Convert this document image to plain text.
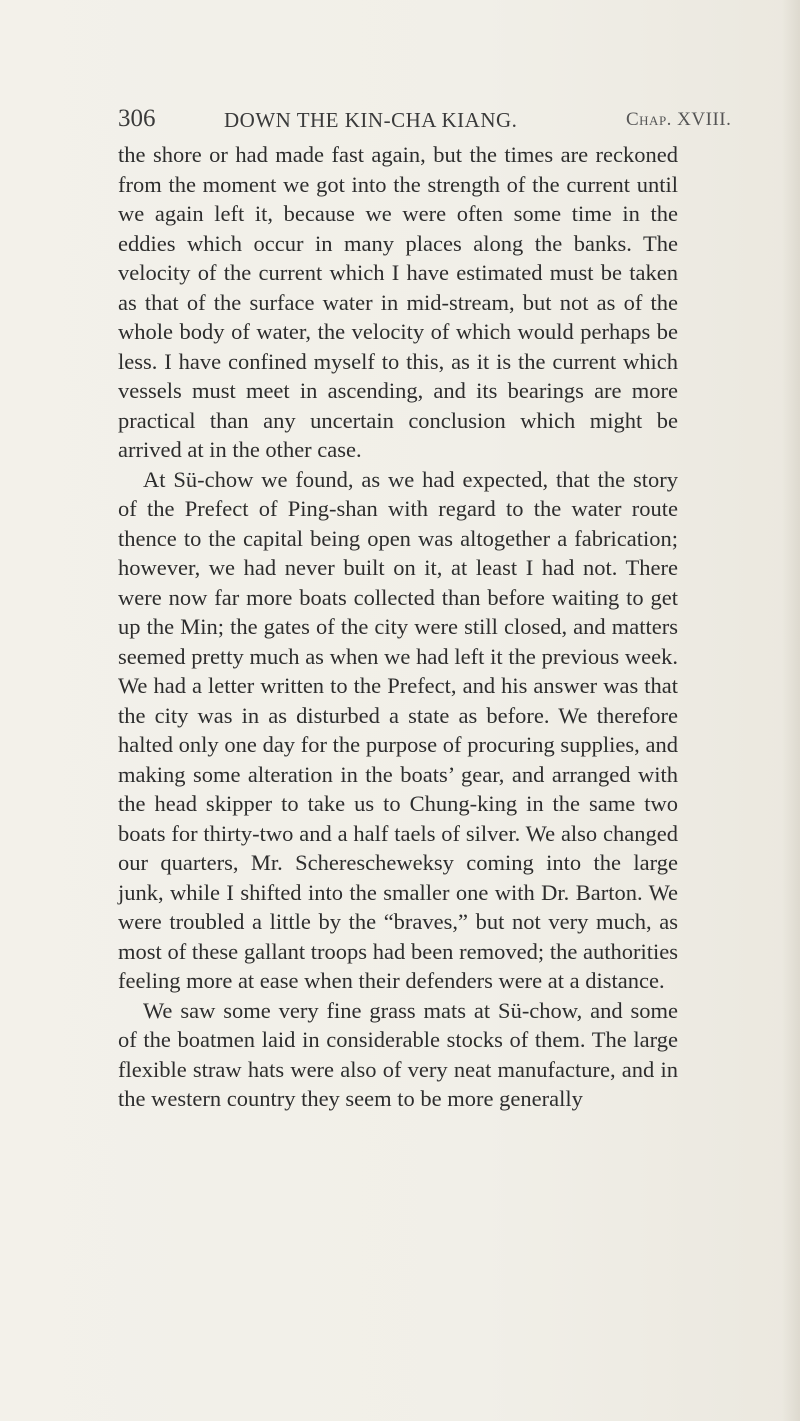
306	DOWN THE KIN-CHA KIANG.	Chap. XVIII.

the shore or had made fast again, but the times are reckoned from the moment we got into the strength of the current until we again left it, because we were often some time in the eddies which occur in many places along the banks. The velocity of the current which I have estimated must be taken as that of the surface water in mid-stream, but not as of the whole body of water, the velocity of which would perhaps be less. I have confined myself to this, as it is the current which vessels must meet in ascending, and its bearings are more practical than any uncertain conclusion which might be arrived at in the other case.

At Sü-chow we found, as we had expected, that the story of the Prefect of Ping-shan with regard to the water route thence to the capital being open was altogether a fabrication; however, we had never built on it, at least I had not. There were now far more boats collected than before waiting to get up the Min; the gates of the city were still closed, and matters seemed pretty much as when we had left it the previous week. We had a letter written to the Prefect, and his answer was that the city was in as disturbed a state as before. We therefore halted only one day for the purpose of procuring supplies, and making some alteration in the boats’ gear, and arranged with the head skipper to take us to Chung-king in the same two boats for thirty-two and a half taels of silver. We also changed our quarters, Mr. Scherescheweksy coming into the large junk, while I shifted into the smaller one with Dr. Barton. We were troubled a little by the “braves,” but not very much, as most of these gallant troops had been removed; the authorities feeling more at ease when their defenders were at a distance.

We saw some very fine grass mats at Sü-chow, and some of the boatmen laid in considerable stocks of them. The large flexible straw hats were also of very neat manufacture, and in the western country they seem to be more generally
